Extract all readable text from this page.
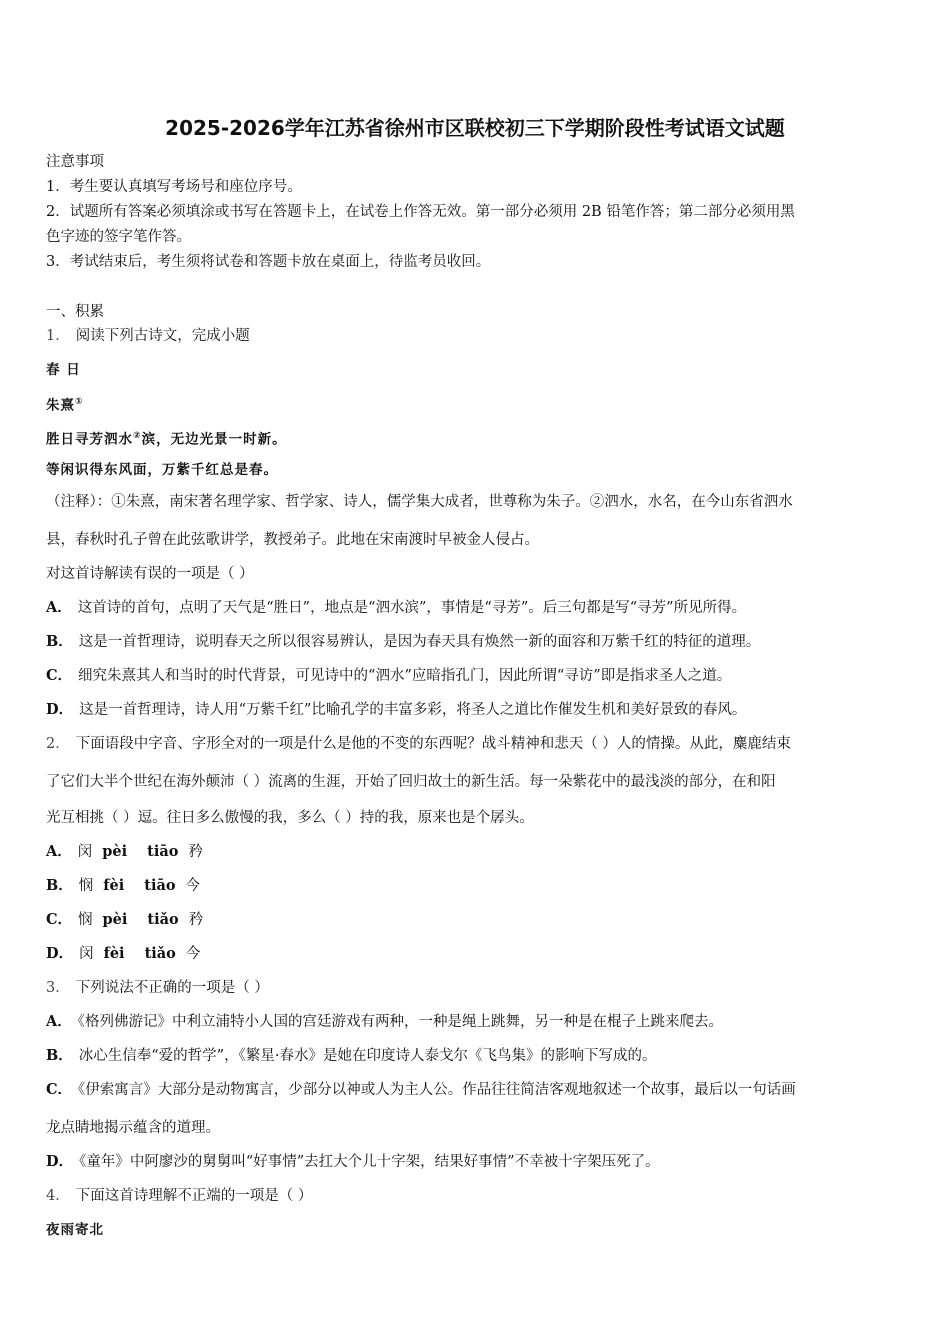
2025-2026学年江苏省徐州市区联校初三下学期阶段性考试语文试题
注意事项
1．考生要认真填写考场号和座位序号。
2．试题所有答案必须填涂或书写在答题卡上，在试卷上作答无效。第一部分必须用 2B 铅笔作答；第二部分必须用黑
色字迹的签字笔作答。
3．考试结束后，考生须将试卷和答题卡放在桌面上，待监考员收回。
一、积累
1． 阅读下列古诗文，完成小题
春 日
朱熹①
胜日寻芳泗水②滨，无边光景一时新。
等闲识得东风面，万紫千红总是春。
（注释）：①朱熹，南宋著名理学家、哲学家、诗人，儒学集大成者，世尊称为朱子。②泗水，水名，在今山东省泗水
县，春秋时孔子曾在此弦歌讲学，教授弟子。此地在宋南渡时早被金人侵占。
对这首诗解读有误的一项是（ ）
A． 这首诗的首句，点明了天气是“胜日”，地点是“泗水滨”，事情是“寻芳”。后三句都是写“寻芳”所见所得。
B． 这是一首哲理诗，说明春天之所以很容易辨认，是因为春天具有焕然一新的面容和万紫千红的特征的道理。
C． 细究朱熹其人和当时的时代背景，可见诗中的“泗水”应暗指孔门，因此所谓“寻访”即是指求圣人之道。
D． 这是一首哲理诗，诗人用“万紫千红”比喻孔学的丰富多彩，将圣人之道比作催发生机和美好景致的春风。
2． 下面语段中字音、字形全对的一项是什么是他的不变的东西呢？战斗精神和悲天（ ）人的情操。从此，麋鹿结束
了它们大半个世纪在海外颠沛（ ）流离的生涯，开始了回归故土的新生活。每一朵紫花中的最浅淡的部分，在和阳
光互相挑（ ）逗。往日多么傲慢的我，多么（ ）持的我，原来也是个孱头。
A． 闵 pèi tiāo 矜
B． 悯 fèi tiāo 今
C． 悯 pèi tiǎo 矜
D． 闵 fèi tiǎo 今
3． 下列说法不正确的一项是（ ）
A． 《格列佛游记》中利立浦特小人国的宫廷游戏有两种，一种是绳上跳舞，另一种是在棍子上跳来爬去。
B． 冰心生信奉“爱的哲学”，《繁星·春水》是她在印度诗人泰戈尔《飞鸟集》的影响下写成的。
C． 《伊索寓言》大部分是动物寓言，少部分以神或人为主人公。作品往往简洁客观地叙述一个故事，最后以一句话画
龙点睛地揭示蕴含的道理。
D． 《童年》中阿廖沙的舅舅叫“好事情”去扛大个儿十字架，结果好事情”不幸被十字架压死了。
4． 下面这首诗理解不正端的一项是（ ）
夜雨寄北
